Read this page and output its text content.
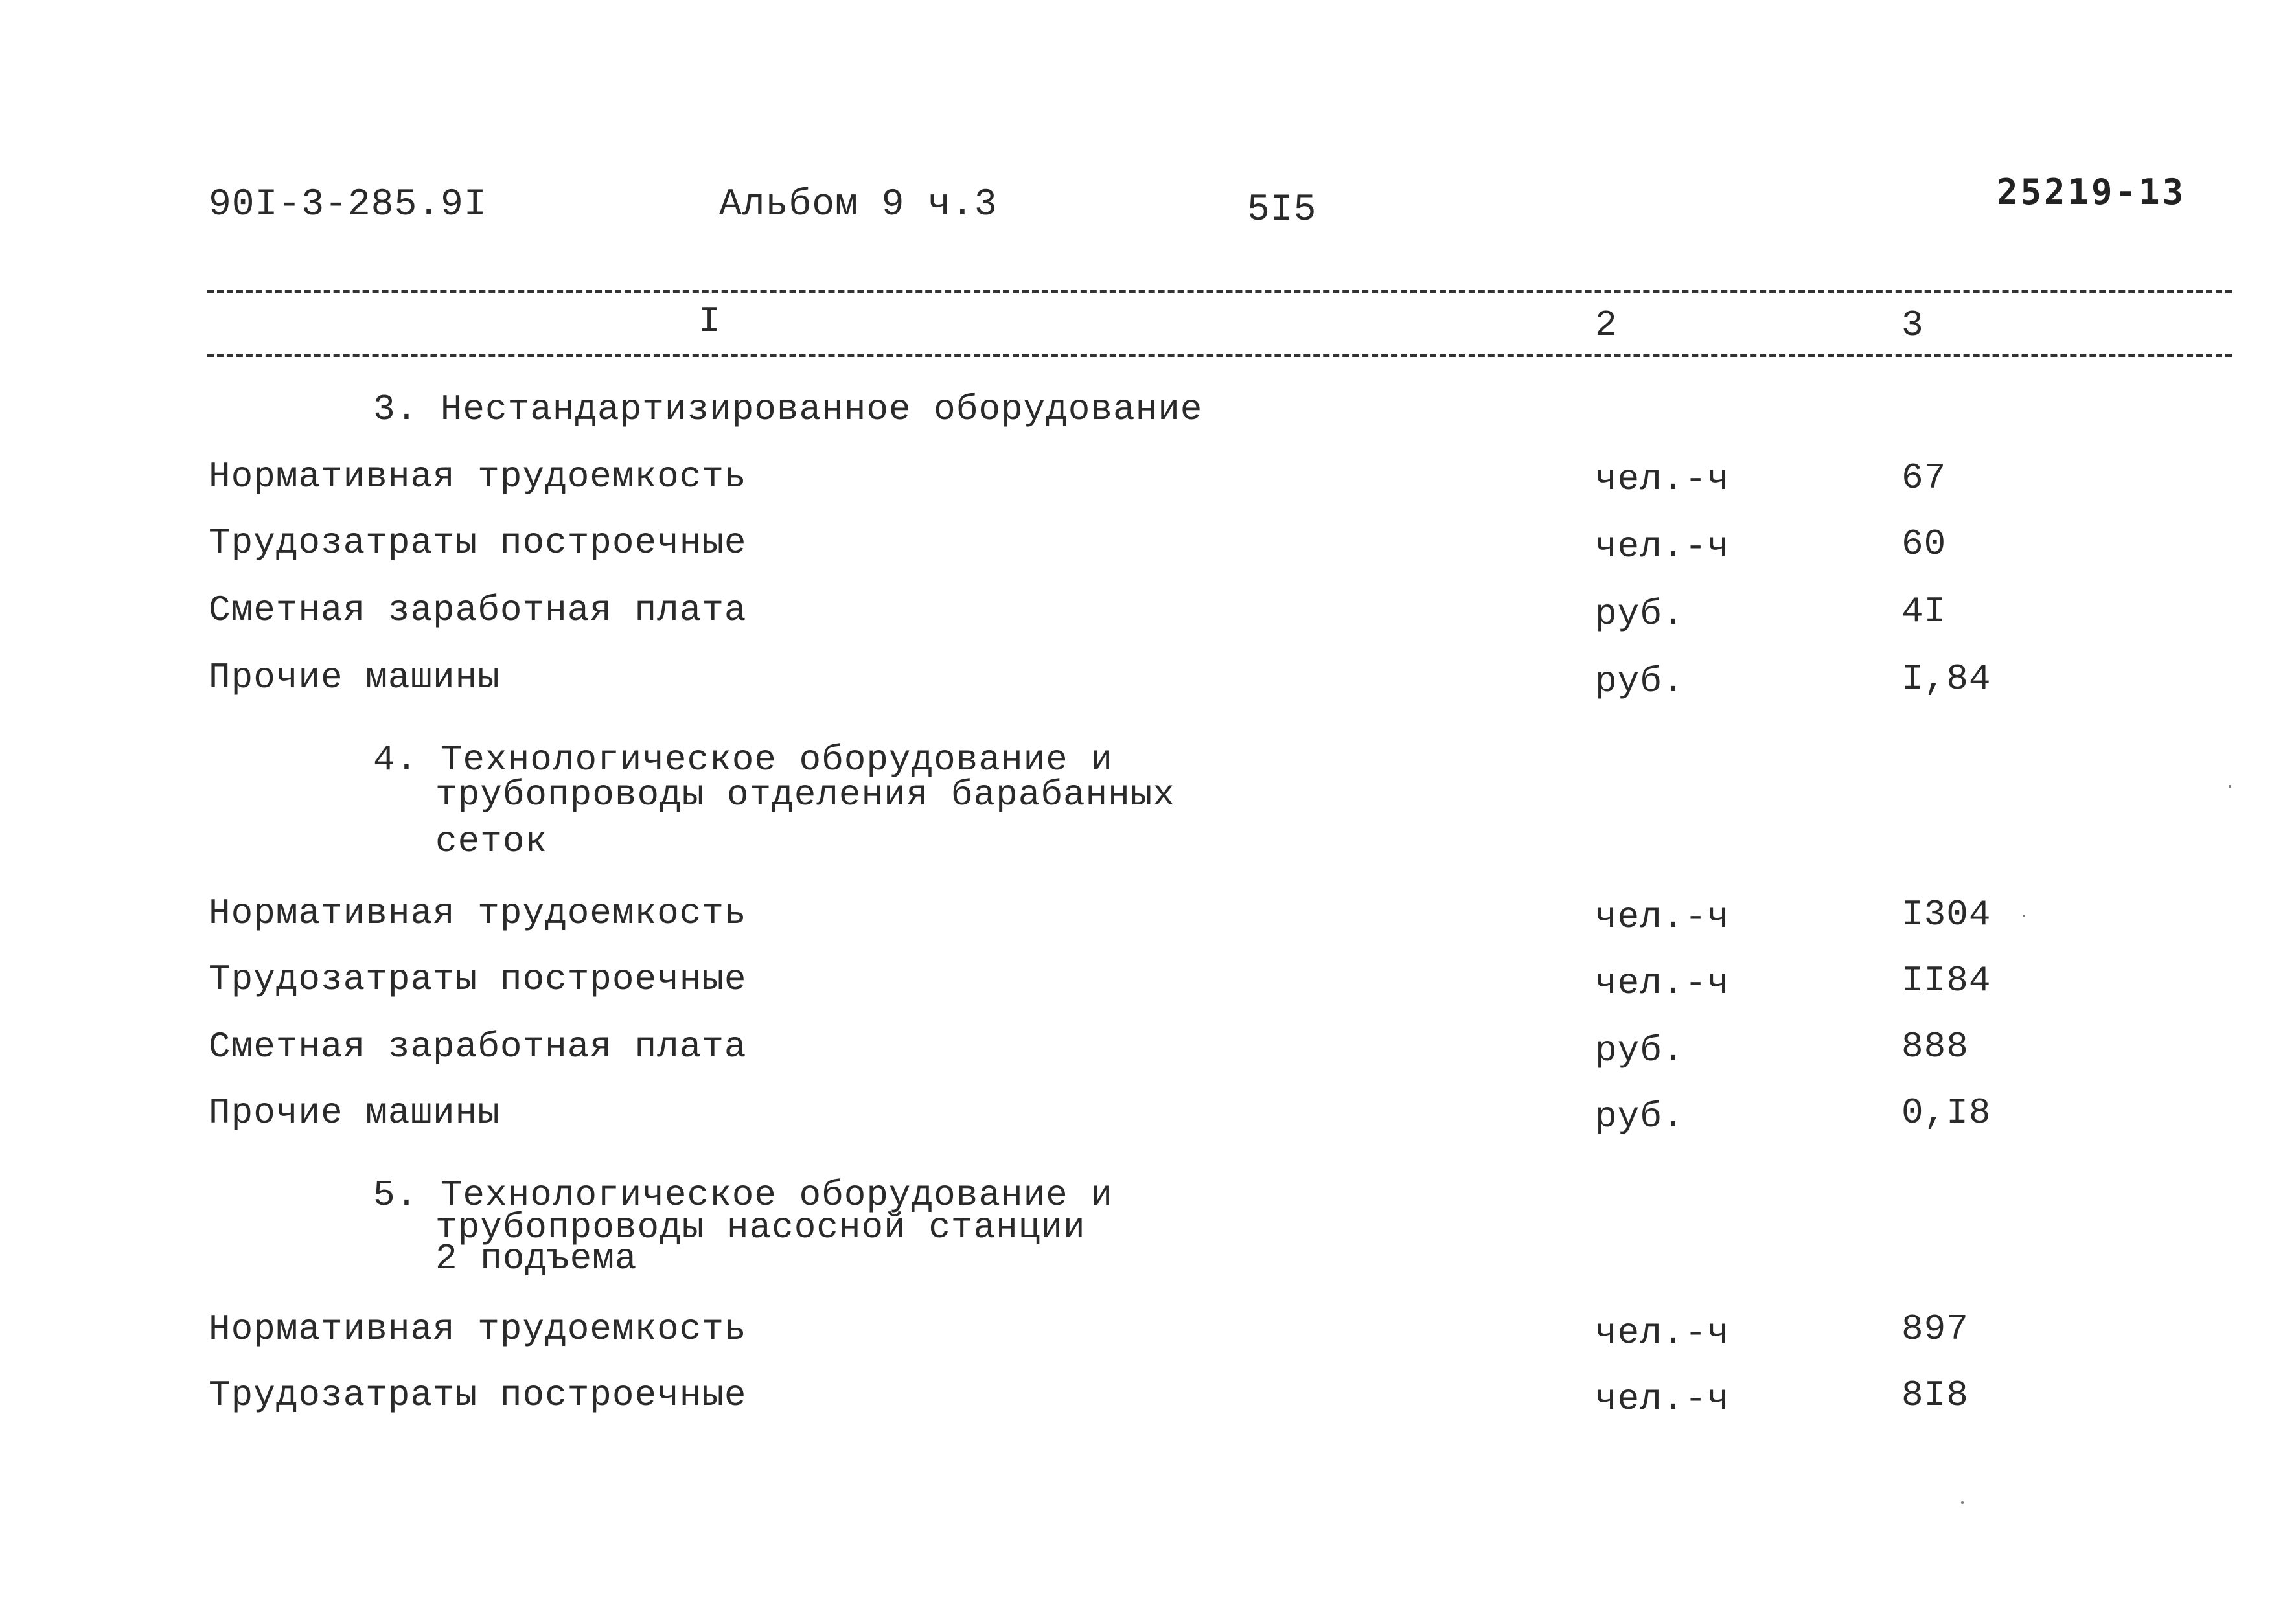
90I-3-285.9I	Альбом 9 ч.3	5I5	25219-13
I	2	3
3. Нестандартизированное оборудование
Нормативная трудоемкость	чел.-ч	67
Трудозатраты построечные	чел.-ч	60
Сметная заработная плата	руб.	4I
Прочие машины	руб.	I,84
4. Технологическое оборудование и
трубопроводы отделения барабанных
сеток
Нормативная трудоемкость	чел.-ч	I304
Трудозатраты построечные	чел.-ч	II84
Сметная заработная плата	руб.	888
Прочие машины	руб.	0,I8
5. Технологическое оборудование и
трубопроводы насосной станции
2 подъема
Нормативная трудоемкость	чел.-ч	897
Трудозатраты построечные	чел.-ч	8I8
